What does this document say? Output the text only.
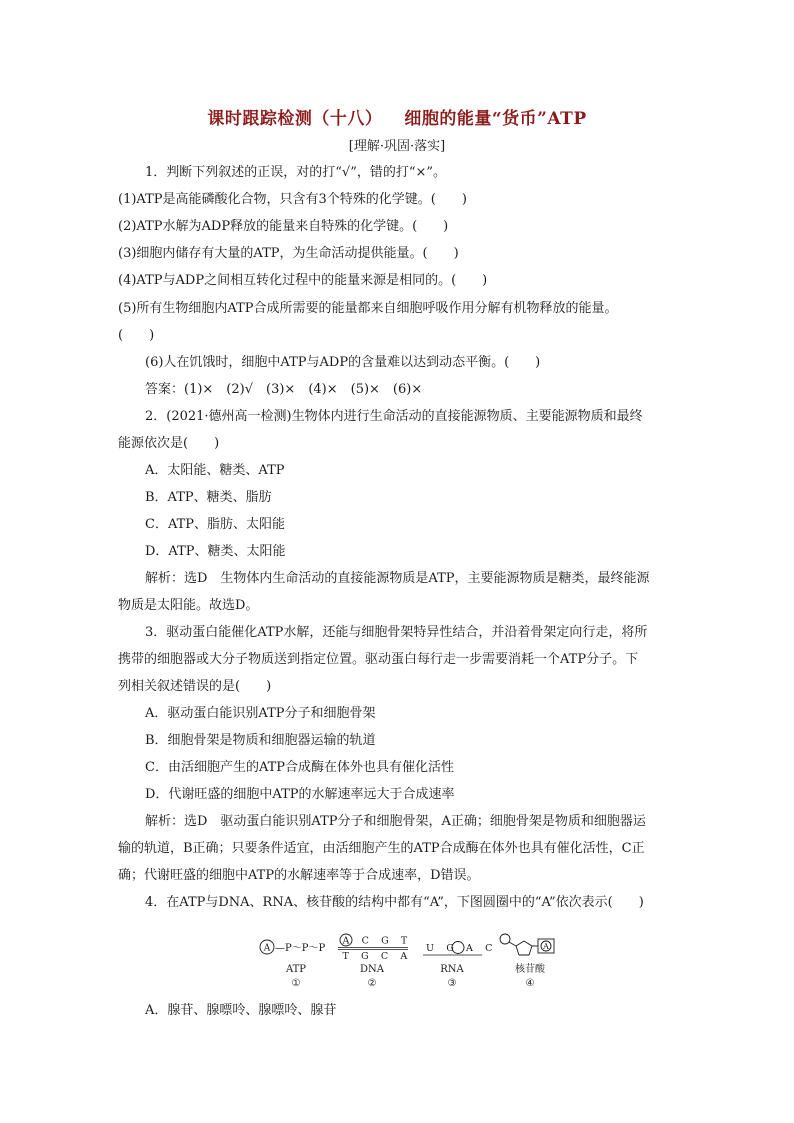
课时跟踪检测（十八） 细胞的能量“货币”ATP
[理解·巩固·落实]
1．判断下列叙述的正误，对的打“√”，错的打“×”。
(1)ATP是高能磷酸化合物，只含有3个特殊的化学键。(　　)
(2)ATP水解为ADP释放的能量来自特殊的化学键。(　　)
(3)细胞内储存有大量的ATP，为生命活动提供能量。(　　)
(4)ATP与ADP之间相互转化过程中的能量来源是相同的。(　　)
(5)所有生物细胞内ATP合成所需要的能量都来自细胞呼吸作用分解有机物释放的能量。
(　　)
(6)人在饥饿时，细胞中ATP与ADP的含量难以达到动态平衡。(　　)
答案：(1)×　(2)√　(3)×　(4)×　(5)×　(6)×
2．(2021·德州高一检测)生物体内进行生命活动的直接能源物质、主要能源物质和最终
能源依次是(　　)
A．太阳能、糖类、ATP
B．ATP、糖类、脂肪
C．ATP、脂肪、太阳能
D．ATP、糖类、太阳能
解析：选D　生物体内生命活动的直接能源物质是ATP，主要能源物质是糖类，最终能源
物质是太阳能。故选D。
3．驱动蛋白能催化ATP水解，还能与细胞骨架特异性结合，并沿着骨架定向行走，将所
携带的细胞器或大分子物质送到指定位置。驱动蛋白每行走一步需要消耗一个ATP分子。下
列相关叙述错误的是(　　)
A．驱动蛋白能识别ATP分子和细胞骨架
B．细胞骨架是物质和细胞器运输的轨道
C．由活细胞产生的ATP合成酶在体外也具有催化活性
D．代谢旺盛的细胞中ATP的水解速率远大于合成速率
解析：选D　驱动蛋白能识别ATP分子和细胞骨架，A正确；细胞骨架是物质和细胞器运
输的轨道，B正确；只要条件适宜，由活细胞产生的ATP合成酶在体外也具有催化活性，C正
确；代谢旺盛的细胞中ATP的水解速率等于合成速率，D错误。
4．在ATP与DNA、RNA、核苷酸的结构中都有“A”，下图圆圈中的“A”依次表示(　　)
A —P～P～P
ATP
①
A C G T
T G C A
DNA
②
U G A C
RNA
③
A
核苷酸
④
A．腺苷、腺嘌呤、腺嘌呤、腺苷
